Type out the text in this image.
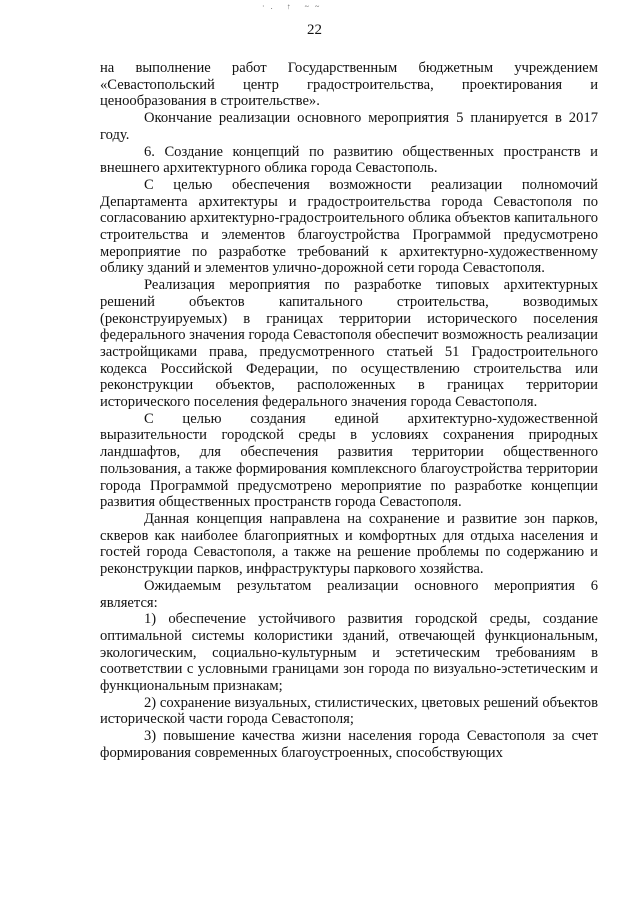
·. ↑ ~~
22

на выполнение работ Государственным бюджетным учреждением «Севастопольский центр градостроительства, проектирования и ценообразования в строительстве».

Окончание реализации основного мероприятия 5 планируется в 2017 году.

6. Создание концепций по развитию общественных пространств и внешнего архитектурного облика города Севастополь.

С целью обеспечения возможности реализации полномочий Департамента архитектуры и градостроительства города Севастополя по согласованию архитектурно-градостроительного облика объектов капитального строительства и элементов благоустройства Программой предусмотрено мероприятие по разработке требований к архитектурно-художественному облику зданий и элементов улично-дорожной сети города Севастополя.

Реализация мероприятия по разработке типовых архитектурных решений объектов капитального строительства, возводимых (реконструируемых) в границах территории исторического поселения федерального значения города Севастополя обеспечит возможность реализации застройщиками права, предусмотренного статьей 51 Градостроительного кодекса Российской Федерации, по осуществлению строительства или реконструкции объектов, расположенных в границах территории исторического поселения федерального значения города Севастополя.

С целью создания единой архитектурно-художественной выразительности городской среды в условиях сохранения природных ландшафтов, для обеспечения развития территории общественного пользования, а также формирования комплексного благоустройства территории города Программой предусмотрено мероприятие по разработке концепции развития общественных пространств города Севастополя.

Данная концепция направлена на сохранение и развитие зон парков, скверов как наиболее благоприятных и комфортных для отдыха населения и гостей города Севастополя, а также на решение проблемы по содержанию и реконструкции парков, инфраструктуры паркового хозяйства.

Ожидаемым результатом реализации основного мероприятия 6 является:

1) обеспечение устойчивого развития городской среды, создание оптимальной системы колористики зданий, отвечающей функциональным, экологическим, социально-культурным и эстетическим требованиям в соответствии с условными границами зон города по визуально-эстетическим и функциональным признакам;

2) сохранение визуальных, стилистических, цветовых решений объектов исторической части города Севастополя;

3) повышение качества жизни населения города Севастополя за счет формирования современных благоустроенных, способствующих
